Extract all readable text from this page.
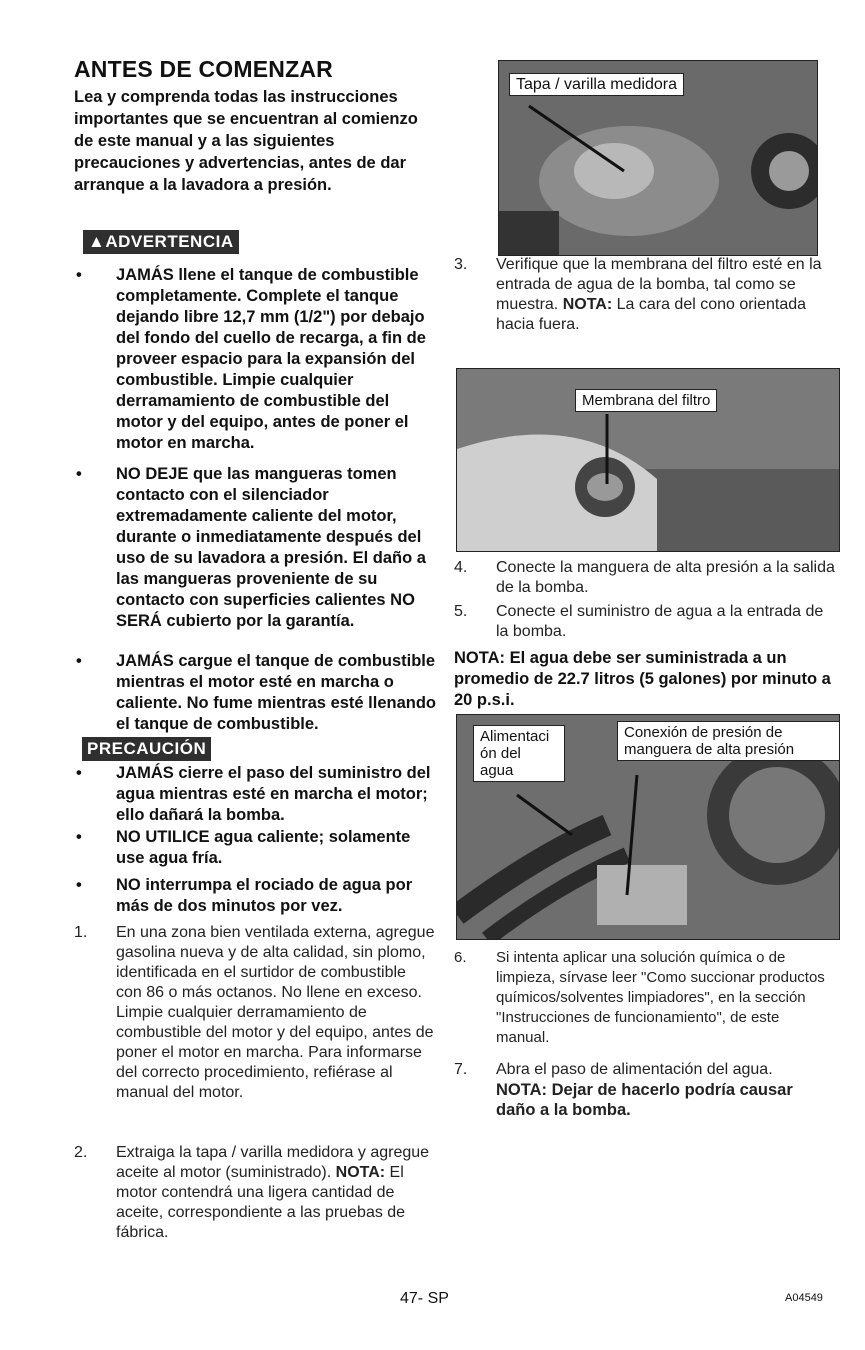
ANTES DE COMENZAR
Lea y comprenda todas las instrucciones importantes que se encuentran al comienzo de este manual y a las siguientes precauciones y advertencias, antes de dar arranque a la lavadora a presión.
▲ADVERTENCIA
• JAMÁS llene el tanque de combustible completamente. Complete el tanque dejando libre 12,7 mm (1/2") por debajo del fondo del cuello de recarga, a fin de proveer espacio para la expansión del combustible. Limpie cualquier derramamiento de combustible del motor y del equipo, antes de poner el motor en marcha.
• NO DEJE que las mangueras tomen contacto con el silenciador extremadamente caliente del motor, durante o inmediatamente después del uso de su lavadora a presión. El daño a las mangueras proveniente de su contacto con superficies calientes NO SERÁ cubierto por la garantía.
• JAMÁS cargue el tanque de combustible mientras el motor esté en marcha o caliente. No fume mientras esté llenando el tanque de combustible.
PRECAUCIÓN
• JAMÁS cierre el paso del suministro del agua mientras esté en marcha el motor; ello dañará la bomba.
• NO UTILICE agua caliente; solamente use agua fría.
• NO interrumpa el rociado de agua por más de dos minutos por vez.
1. En una zona bien ventilada externa, agregue gasolina nueva y de alta calidad, sin plomo, identificada en el surtidor de combustible con 86 o más octanos. No llene en exceso. Limpie cualquier derramamiento de combustible del motor y del equipo, antes de poner el motor en marcha. Para informarse del correcto procedimiento, refiérase al manual del motor.
2. Extraiga la tapa / varilla medidora y agregue aceite al motor (suministrado). NOTA: El motor contendrá una ligera cantidad de aceite, correspondiente a las pruebas de fábrica.
Tapa / varilla medidora
3. Verifique que la membrana del filtro esté en la entrada de agua de la bomba, tal como se muestra. NOTA: La cara del cono orientada hacia fuera.
Membrana del filtro
4. Conecte la manguera de alta presión a la salida de la bomba.
5. Conecte el suministro de agua a la entrada de la bomba.
NOTA: El agua debe ser suministrada a un promedio de 22.7 litros (5 galones) por minuto a 20 p.s.i.
Alimentaci ón del agua
Conexión de presión de manguera de alta presión
6. Si intenta aplicar una solución química o de limpieza, sírvase leer "Como succionar productos químicos/solventes limpiadores", en la sección "Instrucciones de funcionamiento", de este manual.
7. Abra el paso de alimentación del agua.
NOTA: Dejar de hacerlo podría causar daño a la bomba.
47- SP	A04549
